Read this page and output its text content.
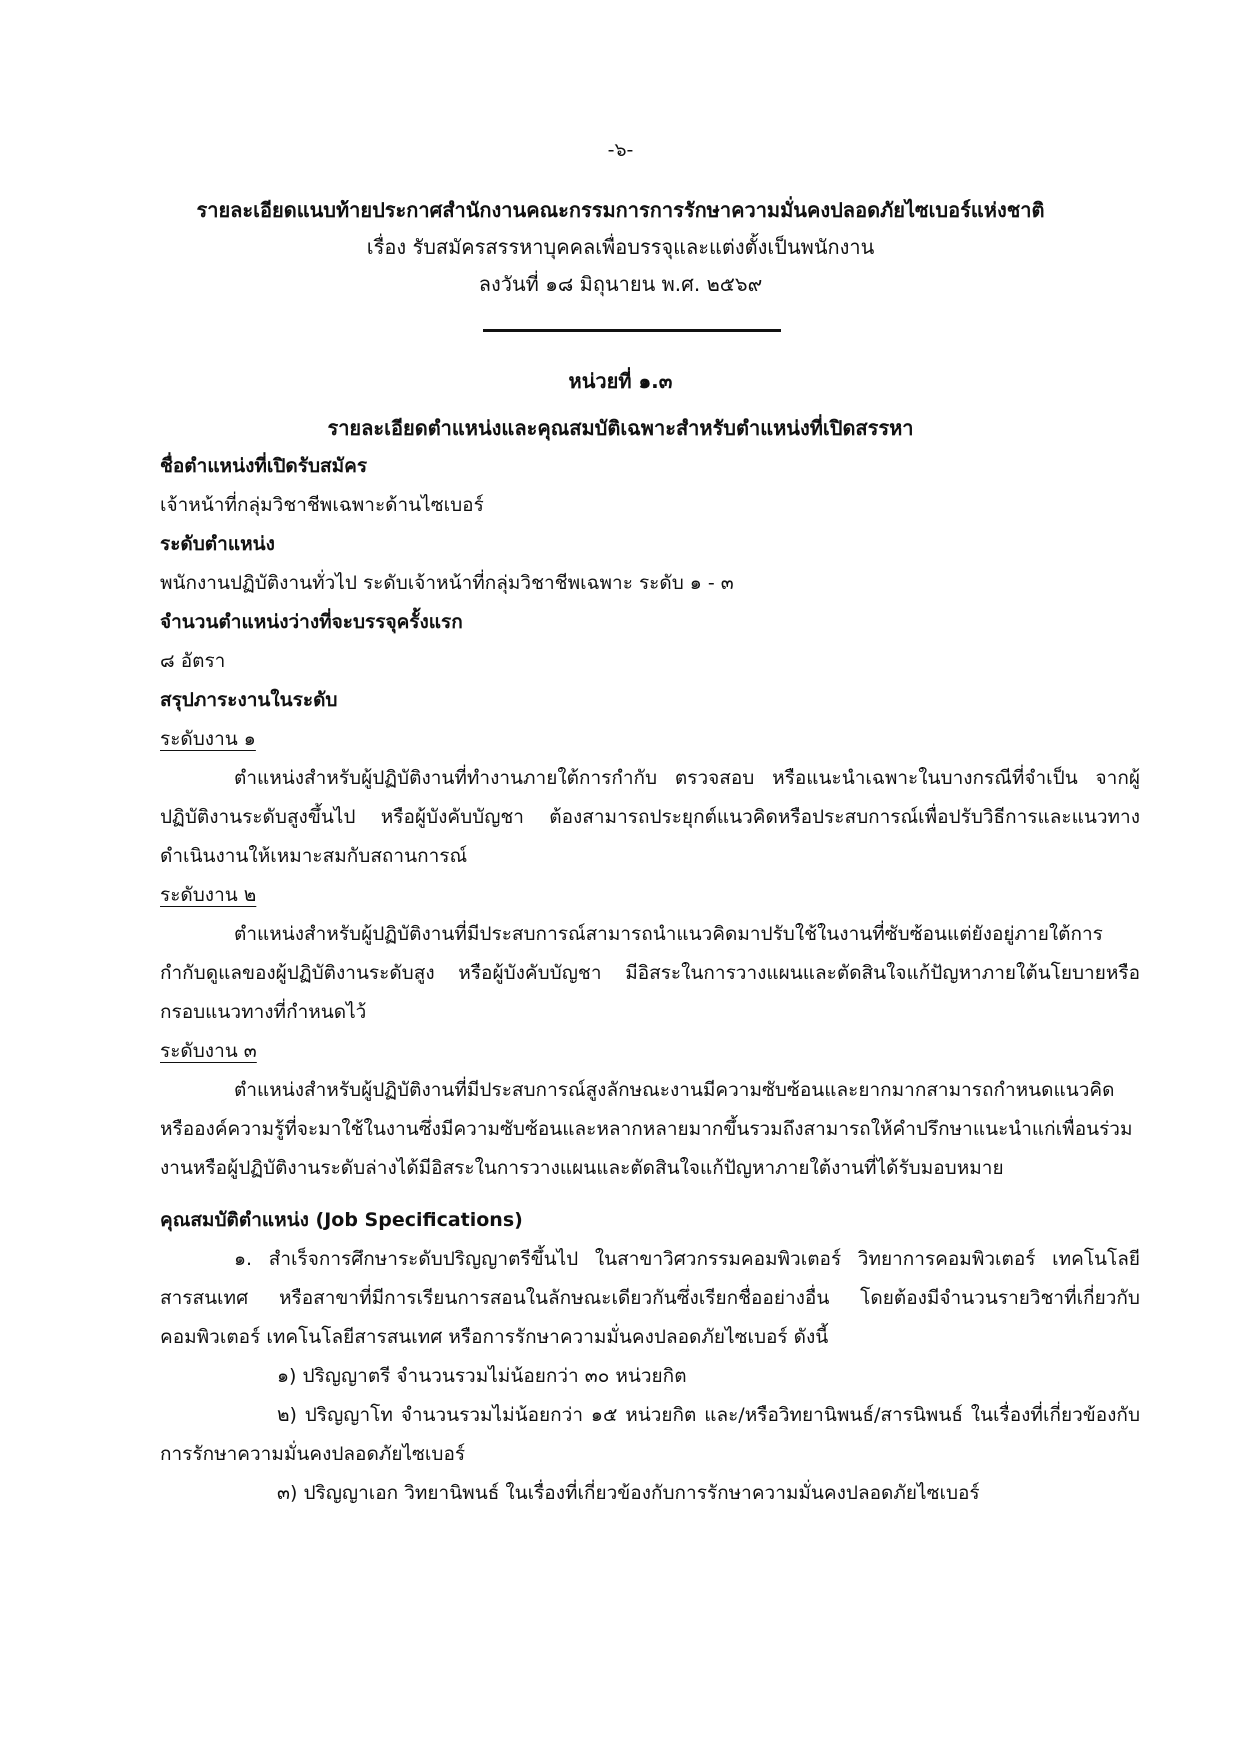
-๖-
รายละเอียดแนบท้ายประกาศสำนักงานคณะกรรมการการรักษาความมั่นคงปลอดภัยไซเบอร์แห่งชาติ
เรื่อง รับสมัครสรรหาบุคคลเพื่อบรรจุและแต่งตั้งเป็นพนักงาน
ลงวันที่ ๑๘ มิถุนายน พ.ศ. ๒๕๖๙
หน่วยที่ ๑.๓
รายละเอียดตำแหน่งและคุณสมบัติเฉพาะสำหรับตำแหน่งที่เปิดสรรหา

ชื่อตำแหน่งที่เปิดรับสมัคร

เจ้าหน้าที่กลุ่มวิชาชีพเฉพาะด้านไซเบอร์

ระดับตำแหน่ง

พนักงานปฏิบัติงานทั่วไป ระดับเจ้าหน้าที่กลุ่มวิชาชีพเฉพาะ ระดับ ๑ - ๓

จำนวนตำแหน่งว่างที่จะบรรจุครั้งแรก

๘ อัตรา

สรุปภาระงานในระดับ

ระดับงาน ๑

ตำแหน่งสำหรับผู้ปฏิบัติงานที่ทำงานภายใต้การกำกับ ตรวจสอบ หรือแนะนำเฉพาะในบางกรณีที่จำเป็น จากผู้ปฏิบัติงานระดับสูงขึ้นไป หรือผู้บังคับบัญชา ต้องสามารถประยุกต์แนวคิดหรือประสบการณ์เพื่อปรับวิธีการและแนวทางดำเนินงานให้เหมาะสมกับสถานการณ์

ระดับงาน ๒

ตำแหน่งสำหรับผู้ปฏิบัติงานที่มีประสบการณ์สามารถนำแนวคิดมาปรับใช้ในงานที่ซับซ้อนแต่ยังอยู่ภายใต้การกำกับดูแลของผู้ปฏิบัติงานระดับสูง หรือผู้บังคับบัญชา มีอิสระในการวางแผนและตัดสินใจแก้ปัญหาภายใต้นโยบายหรือกรอบแนวทางที่กำหนดไว้

ระดับงาน ๓

ตำแหน่งสำหรับผู้ปฏิบัติงานที่มีประสบการณ์สูงลักษณะงานมีความซับซ้อนและยากมากสามารถกำหนดแนวคิดหรือองค์ความรู้ที่จะมาใช้ในงานซึ่งมีความซับซ้อนและหลากหลายมากขึ้นรวมถึงสามารถให้คำปรึกษาแนะนำแก่เพื่อนร่วมงานหรือผู้ปฏิบัติงานระดับล่างได้มีอิสระในการวางแผนและตัดสินใจแก้ปัญหาภายใต้งานที่ได้รับมอบหมาย

คุณสมบัติตำแหน่ง (Job Specifications)

๑. สำเร็จการศึกษาระดับปริญญาตรีขึ้นไป ในสาขาวิศวกรรมคอมพิวเตอร์ วิทยาการคอมพิวเตอร์ เทคโนโลยีสารสนเทศ หรือสาขาที่มีการเรียนการสอนในลักษณะเดียวกันซึ่งเรียกชื่ออย่างอื่น โดยต้องมีจำนวนรายวิชาที่เกี่ยวกับคอมพิวเตอร์ เทคโนโลยีสารสนเทศ หรือการรักษาความมั่นคงปลอดภัยไซเบอร์ ดังนี้

๑) ปริญญาตรี จำนวนรวมไม่น้อยกว่า ๓๐ หน่วยกิต

๒) ปริญญาโท จำนวนรวมไม่น้อยกว่า ๑๕ หน่วยกิต และ/หรือวิทยานิพนธ์/สารนิพนธ์ ในเรื่องที่เกี่ยวข้องกับการรักษาความมั่นคงปลอดภัยไซเบอร์

๓) ปริญญาเอก วิทยานิพนธ์ ในเรื่องที่เกี่ยวข้องกับการรักษาความมั่นคงปลอดภัยไซเบอร์
